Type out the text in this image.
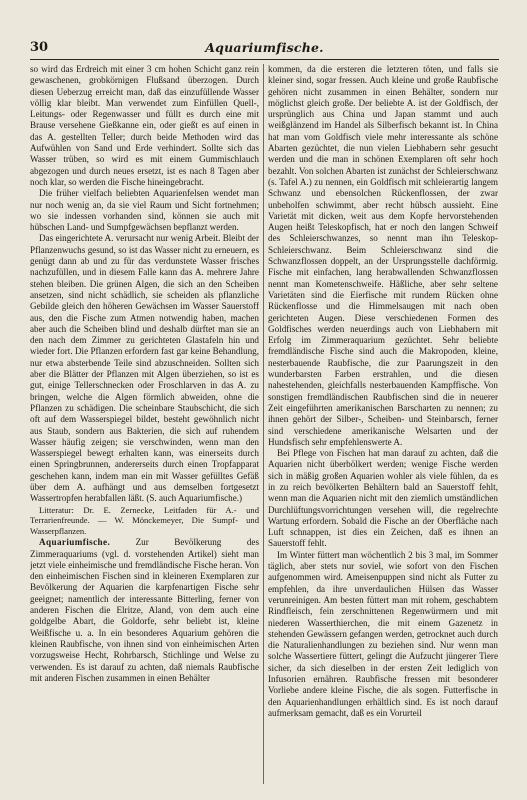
30	Aquariumfische.

so wird das Erdreich mit einer 3 cm hohen Schicht ganz rein gewaschenen, grobkörnigen Flußsand überzogen. Durch diesen Ueberzug erreicht man, daß das einzufüllende Wasser völlig klar bleibt. Man verwendet zum Einfüllen Quell-, Leitungs- oder Regenwasser und füllt es durch eine mit Brause versehene Gießkanne ein, oder gießt es auf einen in das A. gestellten Teller; durch beide Methoden wird das Aufwühlen von Sand und Erde verhindert. Sollte sich das Wasser trüben, so wird es mit einem Gummischlauch abgezogen und durch neues ersetzt, ist es nach 8 Tagen aber noch klar, so werden die Fische hineingebracht.

Die früher vielfach beliebten Aquarienfelsen wendet man nur noch wenig an, da sie viel Raum und Sicht fortnehmen; wo sie indessen vorhanden sind, können sie auch mit hübschen Land- und Sumpfgewächsen bepflanzt werden.

Das eingerichtete A. verursacht nur wenig Arbeit. Bleibt der Pflanzenwuchs gesund, so ist das Wasser nicht zu erneuern, es genügt dann ab und zu für das verdunstete Wasser frisches nachzufüllen, und in diesem Falle kann das A. mehrere Jahre stehen bleiben. Die grünen Algen, die sich an den Scheiben ansetzen, sind nicht schädlich, sie scheiden als pflanzliche Gebilde gleich den höheren Gewächsen im Wasser Sauerstoff aus, den die Fische zum Atmen notwendig haben, machen aber auch die Scheiben blind und deshalb dürftet man sie an den nach dem Zimmer zu gerichteten Glastafeln hin und wieder fort. Die Pflanzen erfordern fast gar keine Behandlung, nur etwa absterbende Teile sind abzuschneiden. Sollten sich aber die Blätter der Pflanzen mit Algen überziehen, so ist es gut, einige Tellerschnecken oder Froschlarven in das A. zu bringen, welche die Algen förmlich abweiden, ohne die Pflanzen zu schädigen. Die scheinbare Staubschicht, die sich oft auf dem Wasserspiegel bildet, besteht gewöhnlich nicht aus Staub, sondern aus Bakterien, die sich auf ruhendem Wasser häufig zeigen; sie verschwinden, wenn man den Wasserspiegel bewegt erhalten kann, was einerseits durch einen Springbrunnen, andererseits durch einen Tropfapparat geschehen kann, indem man ein mit Wasser gefülltes Gefäß über dem A. aufhängt und aus demselben fortgesetzt Wassertropfen herabfallen läßt. (S. auch Aquariumfische.)

Litteratur: Dr. E. Zernecke, Leitfaden für A.- und Terrarienfreunde. — W. Mönckemeyer, Die Sumpf- und Wasserpflanzen.

Aquariumfische.	Zur Bevölkerung des Zimmeraquariums (vgl. d. vorstehenden Artikel) sieht man jetzt viele einheimische und fremdländische Fische heran. Von den einheimischen Fischen sind in kleineren Exemplaren zur Bevölkerung der Aquarien die karpfenartigen Fische sehr geeignet; namentlich der interessante Bitterling, ferner von anderen Fischen die Elritze, Aland, von dem auch eine goldgelbe Abart, die Goldorfe, sehr beliebt ist, kleine Weißfische u. a. In ein besonderes Aquarium gehören die kleinen Raubfische, von ihnen sind von einheimischen Arten vorzugsweise Hecht, Rohrbarsch, Stichlinge und Welse zu verwenden. Es ist darauf zu achten, daß niemals Raubfische mit anderen Fischen zusammen in einen Behälter

kommen, da die ersteren die letzteren töten, und falls sie kleiner sind, sogar fressen. Auch kleine und große Raubfische gehören nicht zusammen in einen Behälter, sondern nur möglichst gleich große. Der beliebte A. ist der Goldfisch, der ursprünglich aus China und Japan stammt und auch weißglänzend im Handel als Silberfisch bekannt ist. In China hat man vom Goldfisch viele mehr interessante als schöne Abarten gezüchtet, die nun vielen Liebhabern sehr gesucht werden und die man in schönen Exemplaren oft sehr hoch bezahlt. Von solchen Abarten ist zunächst der Schleierschwanz (s. Tafel A.) zu nennen, ein Goldfisch mit schleierartig langem Schwanz und ebensolchen Rückenflossen, der zwar unbeholfen schwimmt, aber recht hübsch aussieht. Eine Varietät mit dicken, weit aus dem Kopfe hervorstehenden Augen heißt Teleskopfisch, hat er noch den langen Schweif des Schleierschwanzes, so nennt man ihn Teleskop-Schleierschwanz. Beim Schleierschwanz sind die Schwanzflossen doppelt, an der Ursprungsstelle dachförmig. Fische mit einfachen, lang herabwallenden Schwanzflossen nennt man Kometenschweife. Häßliche, aber sehr seltene Varietäten sind die Eierfische mit rundem Rücken ohne Rückenflosse und die Himmelsaugen mit nach oben gerichteten Augen. Diese verschiedenen Formen des Goldfisches werden neuerdings auch von Liebhabern mit Erfolg im Zimmeraquarium gezüchtet. Sehr beliebte fremdländische Fische sind auch die Makropoden, kleine, nesterbauende Raubfische, die zur Paarungszeit in den wunderbarsten Farben erstrahlen, und die diesen nahestehenden, gleichfalls nesterbauenden Kampffische. Von sonstigen fremdländischen Raubfischen sind die in neuerer Zeit eingeführten amerikanischen Barscharten zu nennen; zu ihnen gehört der Silber-, Scheiben- und Steinbarsch, ferner sind verschiedene amerikanische Welsarten und der Hundsfisch sehr empfehlenswerte A.

Bei Pflege von Fischen hat man darauf zu achten, daß die Aquarien nicht überbölkert werden; wenige Fische werden sich in mäßig großen Aquarien wohler als viele fühlen, da es in zu reich bevölkerten Behältern bald an Sauerstoff fehlt, wenn man die Aquarien nicht mit den ziemlich umständlichen Durchlüftungsvorrichtungen versehen will, die regelrechte Wartung erfordern. Sobald die Fische an der Oberfläche nach Luft schnappen, ist dies ein Zeichen, daß es ihnen an Sauerstoff fehlt.

Im Winter füttert man wöchentlich 2 bis 3 mal, im Sommer täglich, aber stets nur soviel, wie sofort von den Fischen aufgenommen wird. Ameisenpuppen sind nicht als Futter zu empfehlen, da ihre unverdaulichen Hülsen das Wasser verunreinigen. Am besten füttert man mit rohem, geschabtem Rindfleisch, fein zerschnittenen Regenwürmern und mit niederen Wasserthierchen, die mit einem Gazenetz in stehenden Gewässern gefangen werden, getrocknet auch durch die Naturalienhandlungen zu beziehen sind. Nur wenn man solche Wassertiere füttert, gelingt die Aufzucht jüngerer Tiere sicher, da sich dieselben in der ersten Zeit lediglich von Infusorien ernähren. Raubfische fressen mit besonderer Vorliebe andere kleine Fische, die als sogen. Futterfische in den Aquarienhandlungen erhältlich sind. Es ist noch darauf aufmerksam gemacht, daß es ein Vorurteil
